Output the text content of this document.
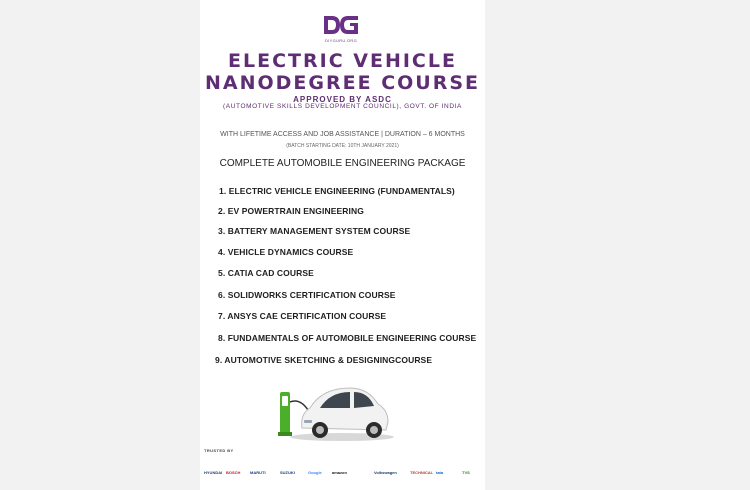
DIYGURU.ORG
ELECTRIC VEHICLE
NANODEGREE COURSE
APPROVED BY ASDC
(AUTOMOTIVE SKILLS DEVELOPMENT COUNCIL), GOVT. OF INDIA
WITH LIFETIME ACCESS AND JOB ASSISTANCE | DURATION – 6 MONTHS
(BATCH STARTING DATE: 10TH JANUARY 2021)
COMPLETE AUTOMOBILE ENGINEERING PACKAGE
1. ELECTRIC VEHICLE ENGINEERING (FUNDAMENTALS)
2. EV POWERTRAIN ENGINEERING
3. BATTERY MANAGEMENT SYSTEM COURSE
4. VEHICLE DYNAMICS COURSE
5. CATIA CAD COURSE
6. SOLIDWORKS CERTIFICATION COURSE
7. ANSYS CAE CERTIFICATION COURSE
8. FUNDAMENTALS OF AUTOMOBILE ENGINEERING COURSE
9. AUTOMOTIVE SKETCHING & DESIGNINGCOURSE
TRUSTED BY
HYUNDAI BOSCH MARUTI	SUZUKI	Google	amazon	Volkswagen	TECHNICAL tata	TVS
